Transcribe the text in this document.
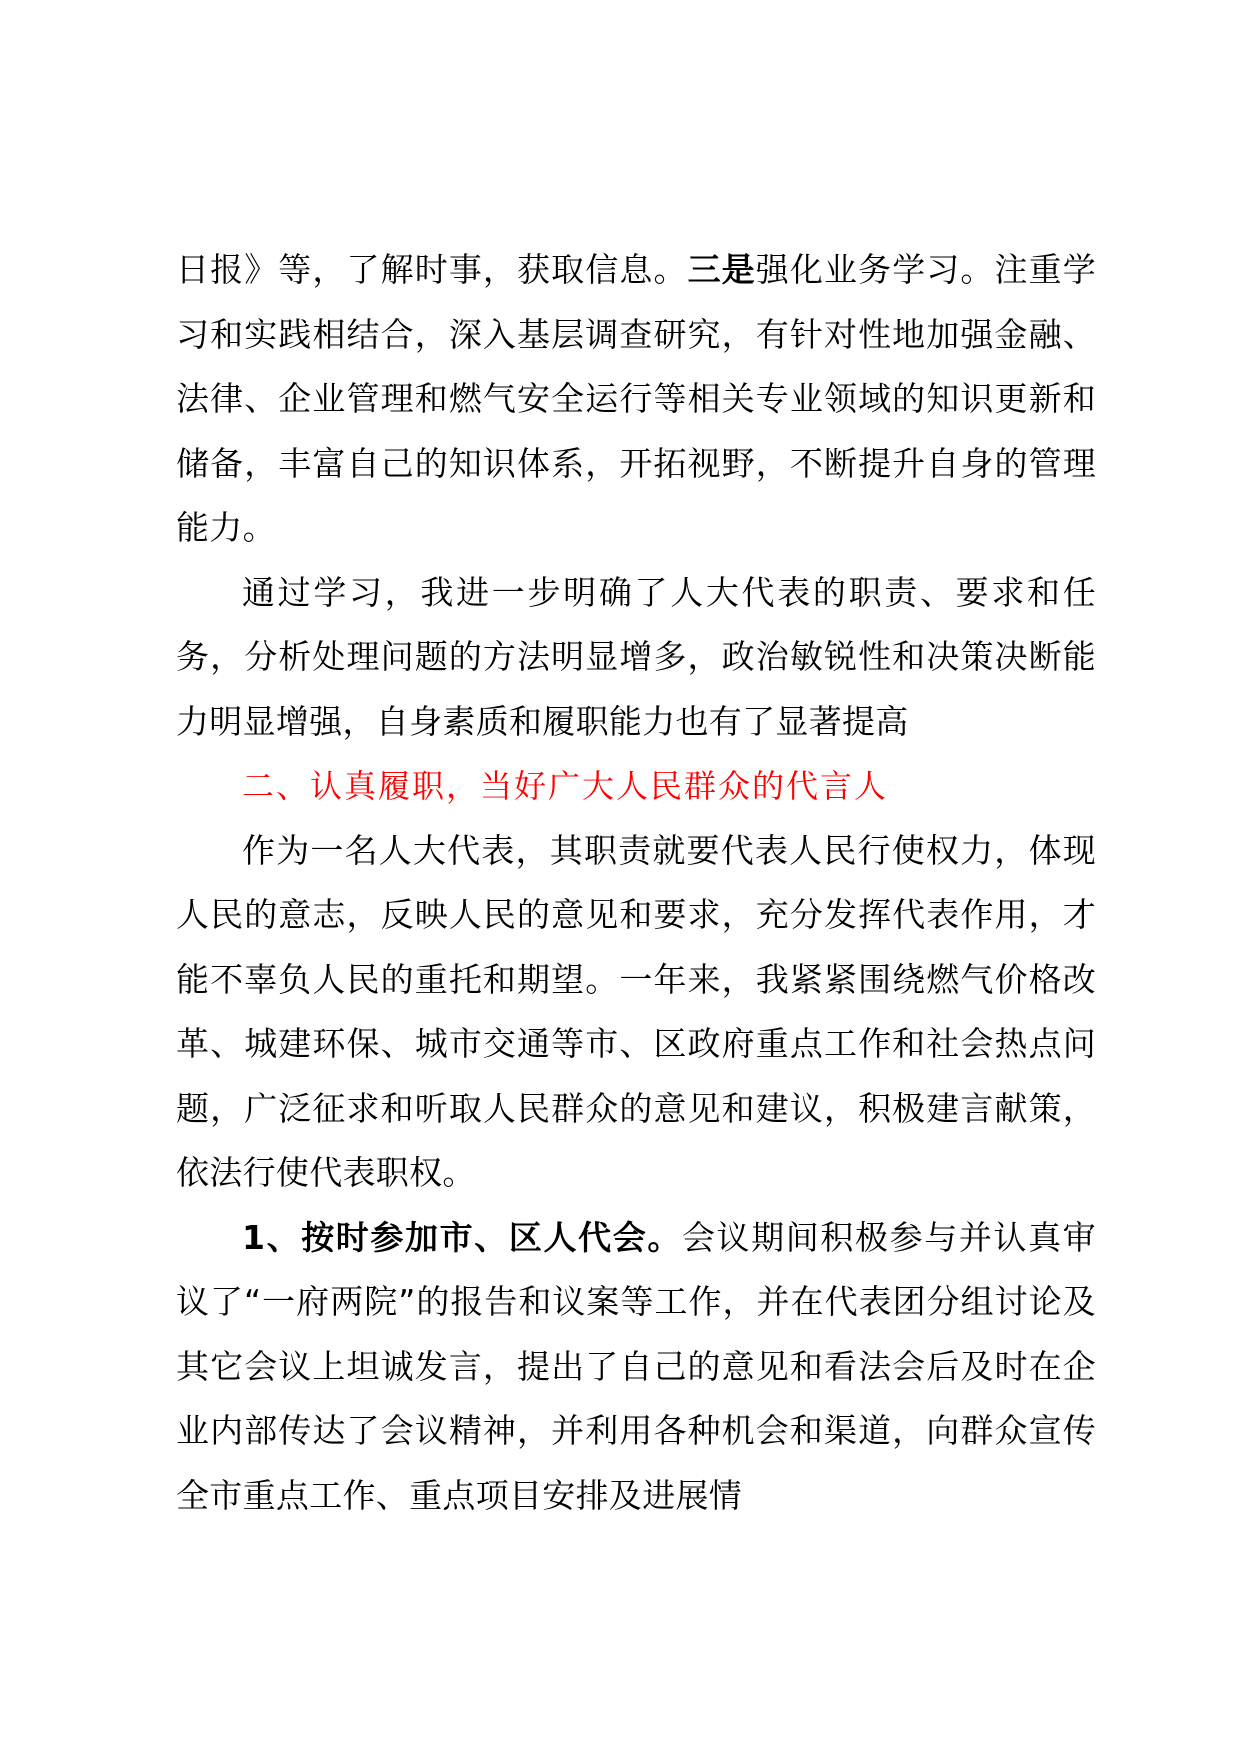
日报》等，了解时事，获取信息。三是强化业务学习。注重学习和实践相结合，深入基层调查研究，有针对性地加强金融、法律、企业管理和燃气安全运行等相关专业领域的知识更新和储备，丰富自己的知识体系，开拓视野，不断提升自身的管理能力。

通过学习，我进一步明确了人大代表的职责、要求和任务，分析处理问题的方法明显增多，政治敏锐性和决策决断能力明显增强，自身素质和履职能力也有了显著提高

二、认真履职，当好广大人民群众的代言人

作为一名人大代表，其职责就要代表人民行使权力，体现人民的意志，反映人民的意见和要求，充分发挥代表作用，才能不辜负人民的重托和期望。一年来，我紧紧围绕燃气价格改革、城建环保、城市交通等市、区政府重点工作和社会热点问题，广泛征求和听取人民群众的意见和建议，积极建言献策，依法行使代表职权。

1、按时参加市、区人代会。会议期间积极参与并认真审议了“一府两院”的报告和议案等工作，并在代表团分组讨论及其它会议上坦诚发言，提出了自己的意见和看法会后及时在企业内部传达了会议精神，并利用各种机会和渠道，向群众宣传全市重点工作、重点项目安排及进展情
